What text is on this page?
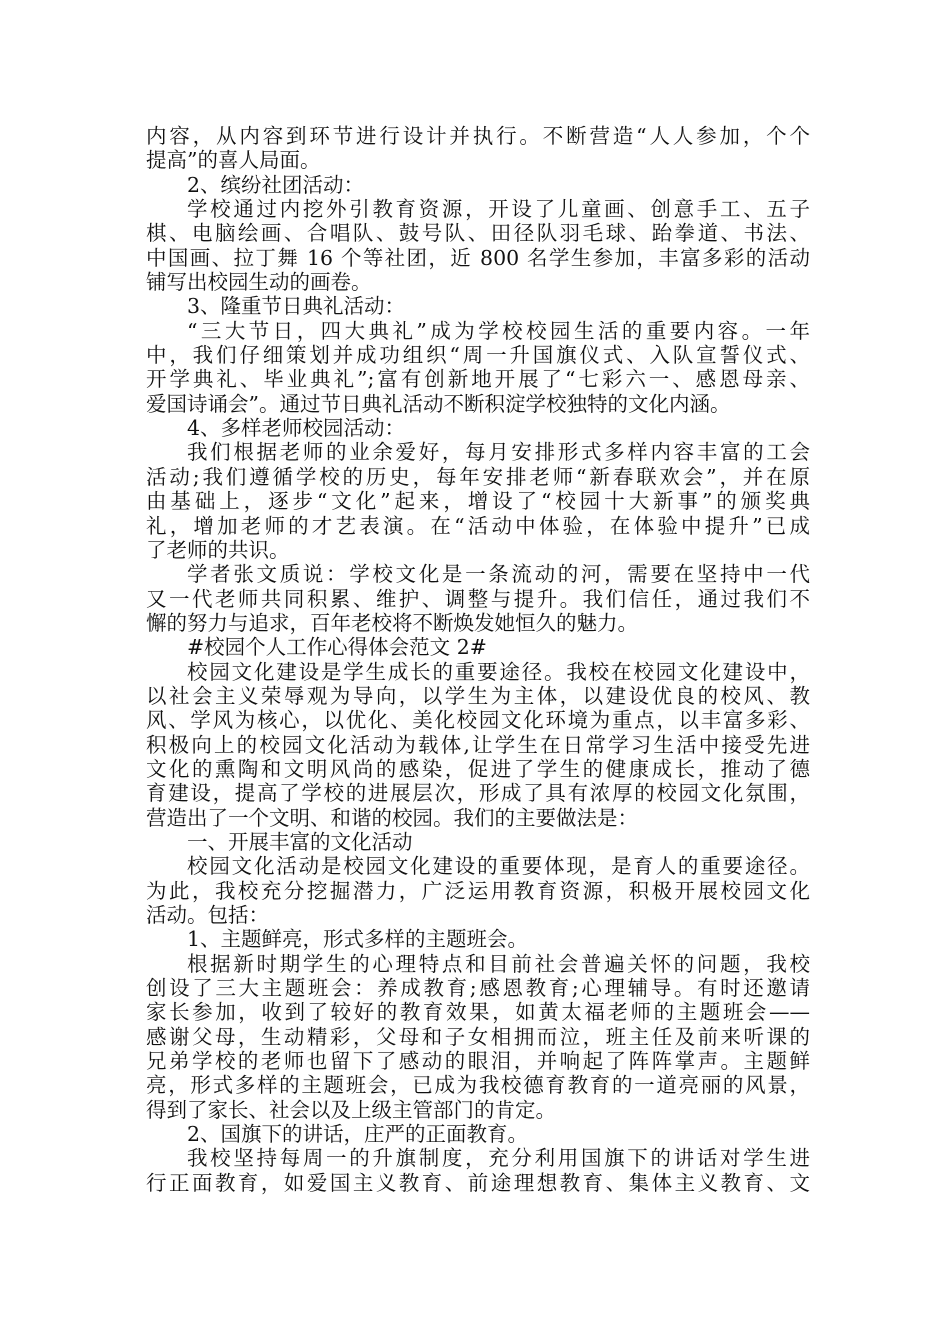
内容，从内容到环节进行设计并执行。不断营造“人人参加，个个
提高”的喜人局面。
2、缤纷社团活动：
学校通过内挖外引教育资源，开设了儿童画、创意手工、五子
棋、电脑绘画、合唱队、鼓号队、田径队羽毛球、跆拳道、书法、
中国画、拉丁舞 16 个等社团，近 800 名学生参加，丰富多彩的活动
铺写出校园生动的画卷。
3、隆重节日典礼活动：
“三大节日，四大典礼”成为学校校园生活的重要内容。一年
中，我们仔细策划并成功组织“周一升国旗仪式、入队宣誓仪式、
开学典礼、毕业典礼”;富有创新地开展了“七彩六一、感恩母亲、
爱国诗诵会”。通过节日典礼活动不断积淀学校独特的文化内涵。
4、多样老师校园活动：
我们根据老师的业余爱好，每月安排形式多样内容丰富的工会
活动;我们遵循学校的历史，每年安排老师“新春联欢会”，并在原
由基础上，逐步“文化”起来，增设了“校园十大新事”的颁奖典
礼，增加老师的才艺表演。在“活动中体验，在体验中提升”已成
了老师的共识。
学者张文质说：学校文化是一条流动的河，需要在坚持中一代
又一代老师共同积累、维护、调整与提升。我们信任，通过我们不
懈的努力与追求，百年老校将不断焕发她恒久的魅力。
#校园个人工作心得体会范文 2#
校园文化建设是学生成长的重要途径。我校在校园文化建设中，
以社会主义荣辱观为导向，以学生为主体，以建设优良的校风、教
风、学风为核心，以优化、美化校园文化环境为重点，以丰富多彩、
积极向上的校园文化活动为载体,让学生在日常学习生活中接受先进
文化的熏陶和文明风尚的感染，促进了学生的健康成长，推动了德
育建设，提高了学校的进展层次，形成了具有浓厚的校园文化氛围，
营造出了一个文明、和谐的校园。我们的主要做法是：
一、开展丰富的文化活动
校园文化活动是校园文化建设的重要体现，是育人的重要途径。
为此，我校充分挖掘潜力，广泛运用教育资源，积极开展校园文化
活动。包括：
1、主题鲜亮，形式多样的主题班会。
根据新时期学生的心理特点和目前社会普遍关怀的问题，我校
创设了三大主题班会：养成教育;感恩教育;心理辅导。有时还邀请
家长参加，收到了较好的教育效果，如黄太福老师的主题班会——
感谢父母，生动精彩，父母和子女相拥而泣，班主任及前来听课的
兄弟学校的老师也留下了感动的眼泪，并响起了阵阵掌声。主题鲜
亮，形式多样的主题班会，已成为我校德育教育的一道亮丽的风景，
得到了家长、社会以及上级主管部门的肯定。
2、国旗下的讲话，庄严的正面教育。
我校坚持每周一的升旗制度，充分利用国旗下的讲话对学生进
行正面教育，如爱国主义教育、前途理想教育、集体主义教育、文
